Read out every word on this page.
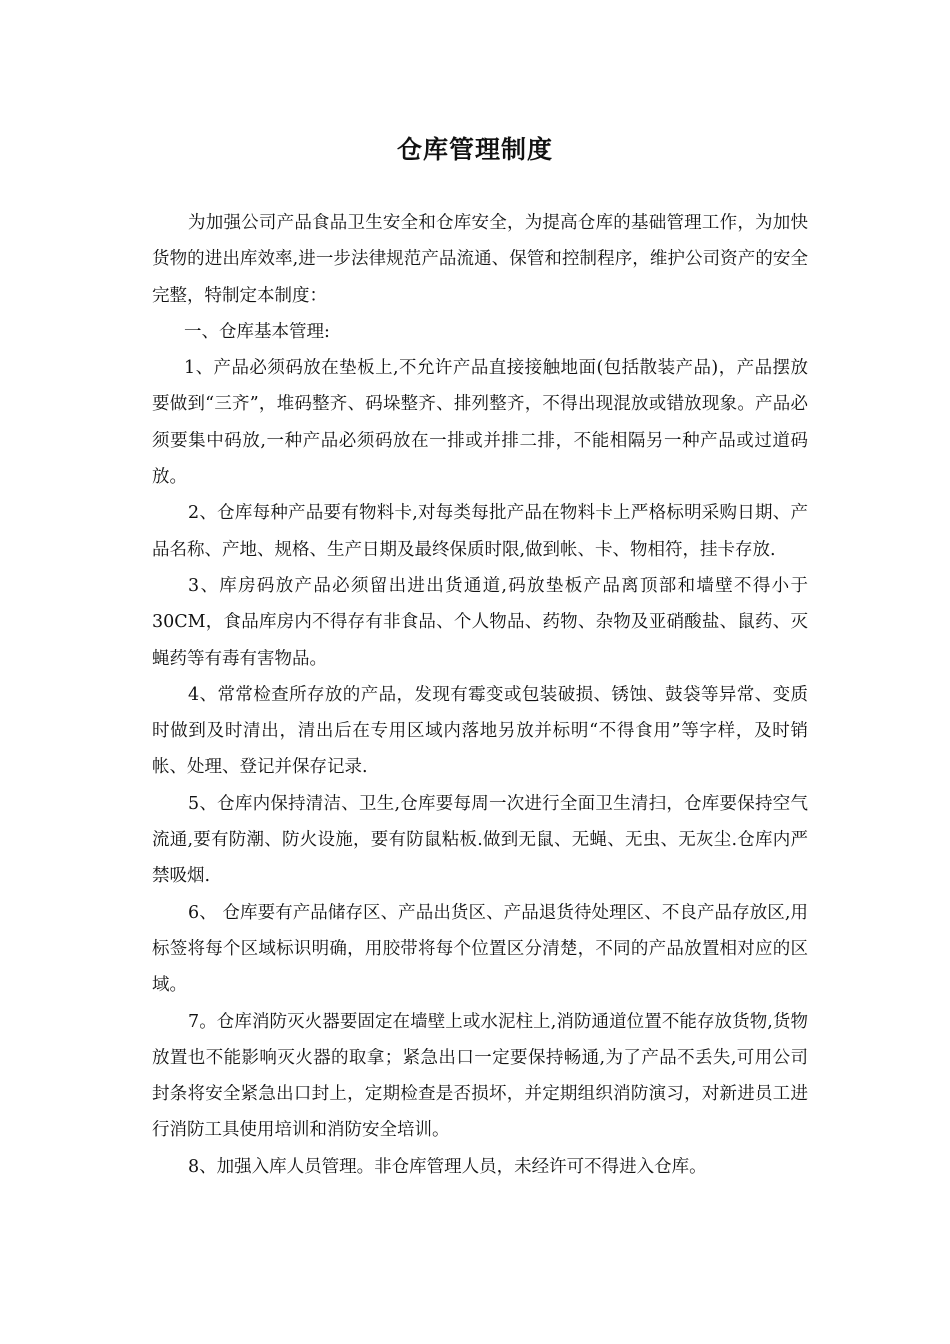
仓库管理制度

为加强公司产品食品卫生安全和仓库安全，为提高仓库的基础管理工作，为加快货物的进出库效率,进一步法律规范产品流通、保管和控制程序，维护公司资产的安全完整，特制定本制度：

一、仓库基本管理:

1、产品必须码放在垫板上,不允许产品直接接触地面(包括散装产品)，产品摆放要做到“三齐”，堆码整齐、码垛整齐、排列整齐，不得出现混放或错放现象。产品必须要集中码放,一种产品必须码放在一排或并排二排，不能相隔另一种产品或过道码放。

2、仓库每种产品要有物料卡,对每类每批产品在物料卡上严格标明采购日期、产品名称、产地、规格、生产日期及最终保质时限,做到帐、卡、物相符，挂卡存放.

3、库房码放产品必须留出进出货通道,码放垫板产品离顶部和墙壁不得小于30CM，食品库房内不得存有非食品、个人物品、药物、杂物及亚硝酸盐、鼠药、灭蝇药等有毒有害物品。

4、常常检查所存放的产品，发现有霉变或包装破损、锈蚀、鼓袋等异常、变质时做到及时清出，清出后在专用区域内落地另放并标明“不得食用”等字样，及时销帐、处理、登记并保存记录.

5、仓库内保持清洁、卫生,仓库要每周一次进行全面卫生清扫，仓库要保持空气流通,要有防潮、防火设施，要有防鼠粘板.做到无鼠、无蝇、无虫、无灰尘.仓库内严禁吸烟.

6、 仓库要有产品储存区、产品出货区、产品退货待处理区、不良产品存放区,用标签将每个区域标识明确，用胶带将每个位置区分清楚，不同的产品放置相对应的区域。

7。仓库消防灭火器要固定在墙壁上或水泥柱上,消防通道位置不能存放货物,货物放置也不能影响灭火器的取拿；紧急出口一定要保持畅通,为了产品不丢失,可用公司封条将安全紧急出口封上，定期检查是否损坏，并定期组织消防演习，对新进员工进行消防工具使用培训和消防安全培训。

8、加强入库人员管理。非仓库管理人员，未经许可不得进入仓库。
